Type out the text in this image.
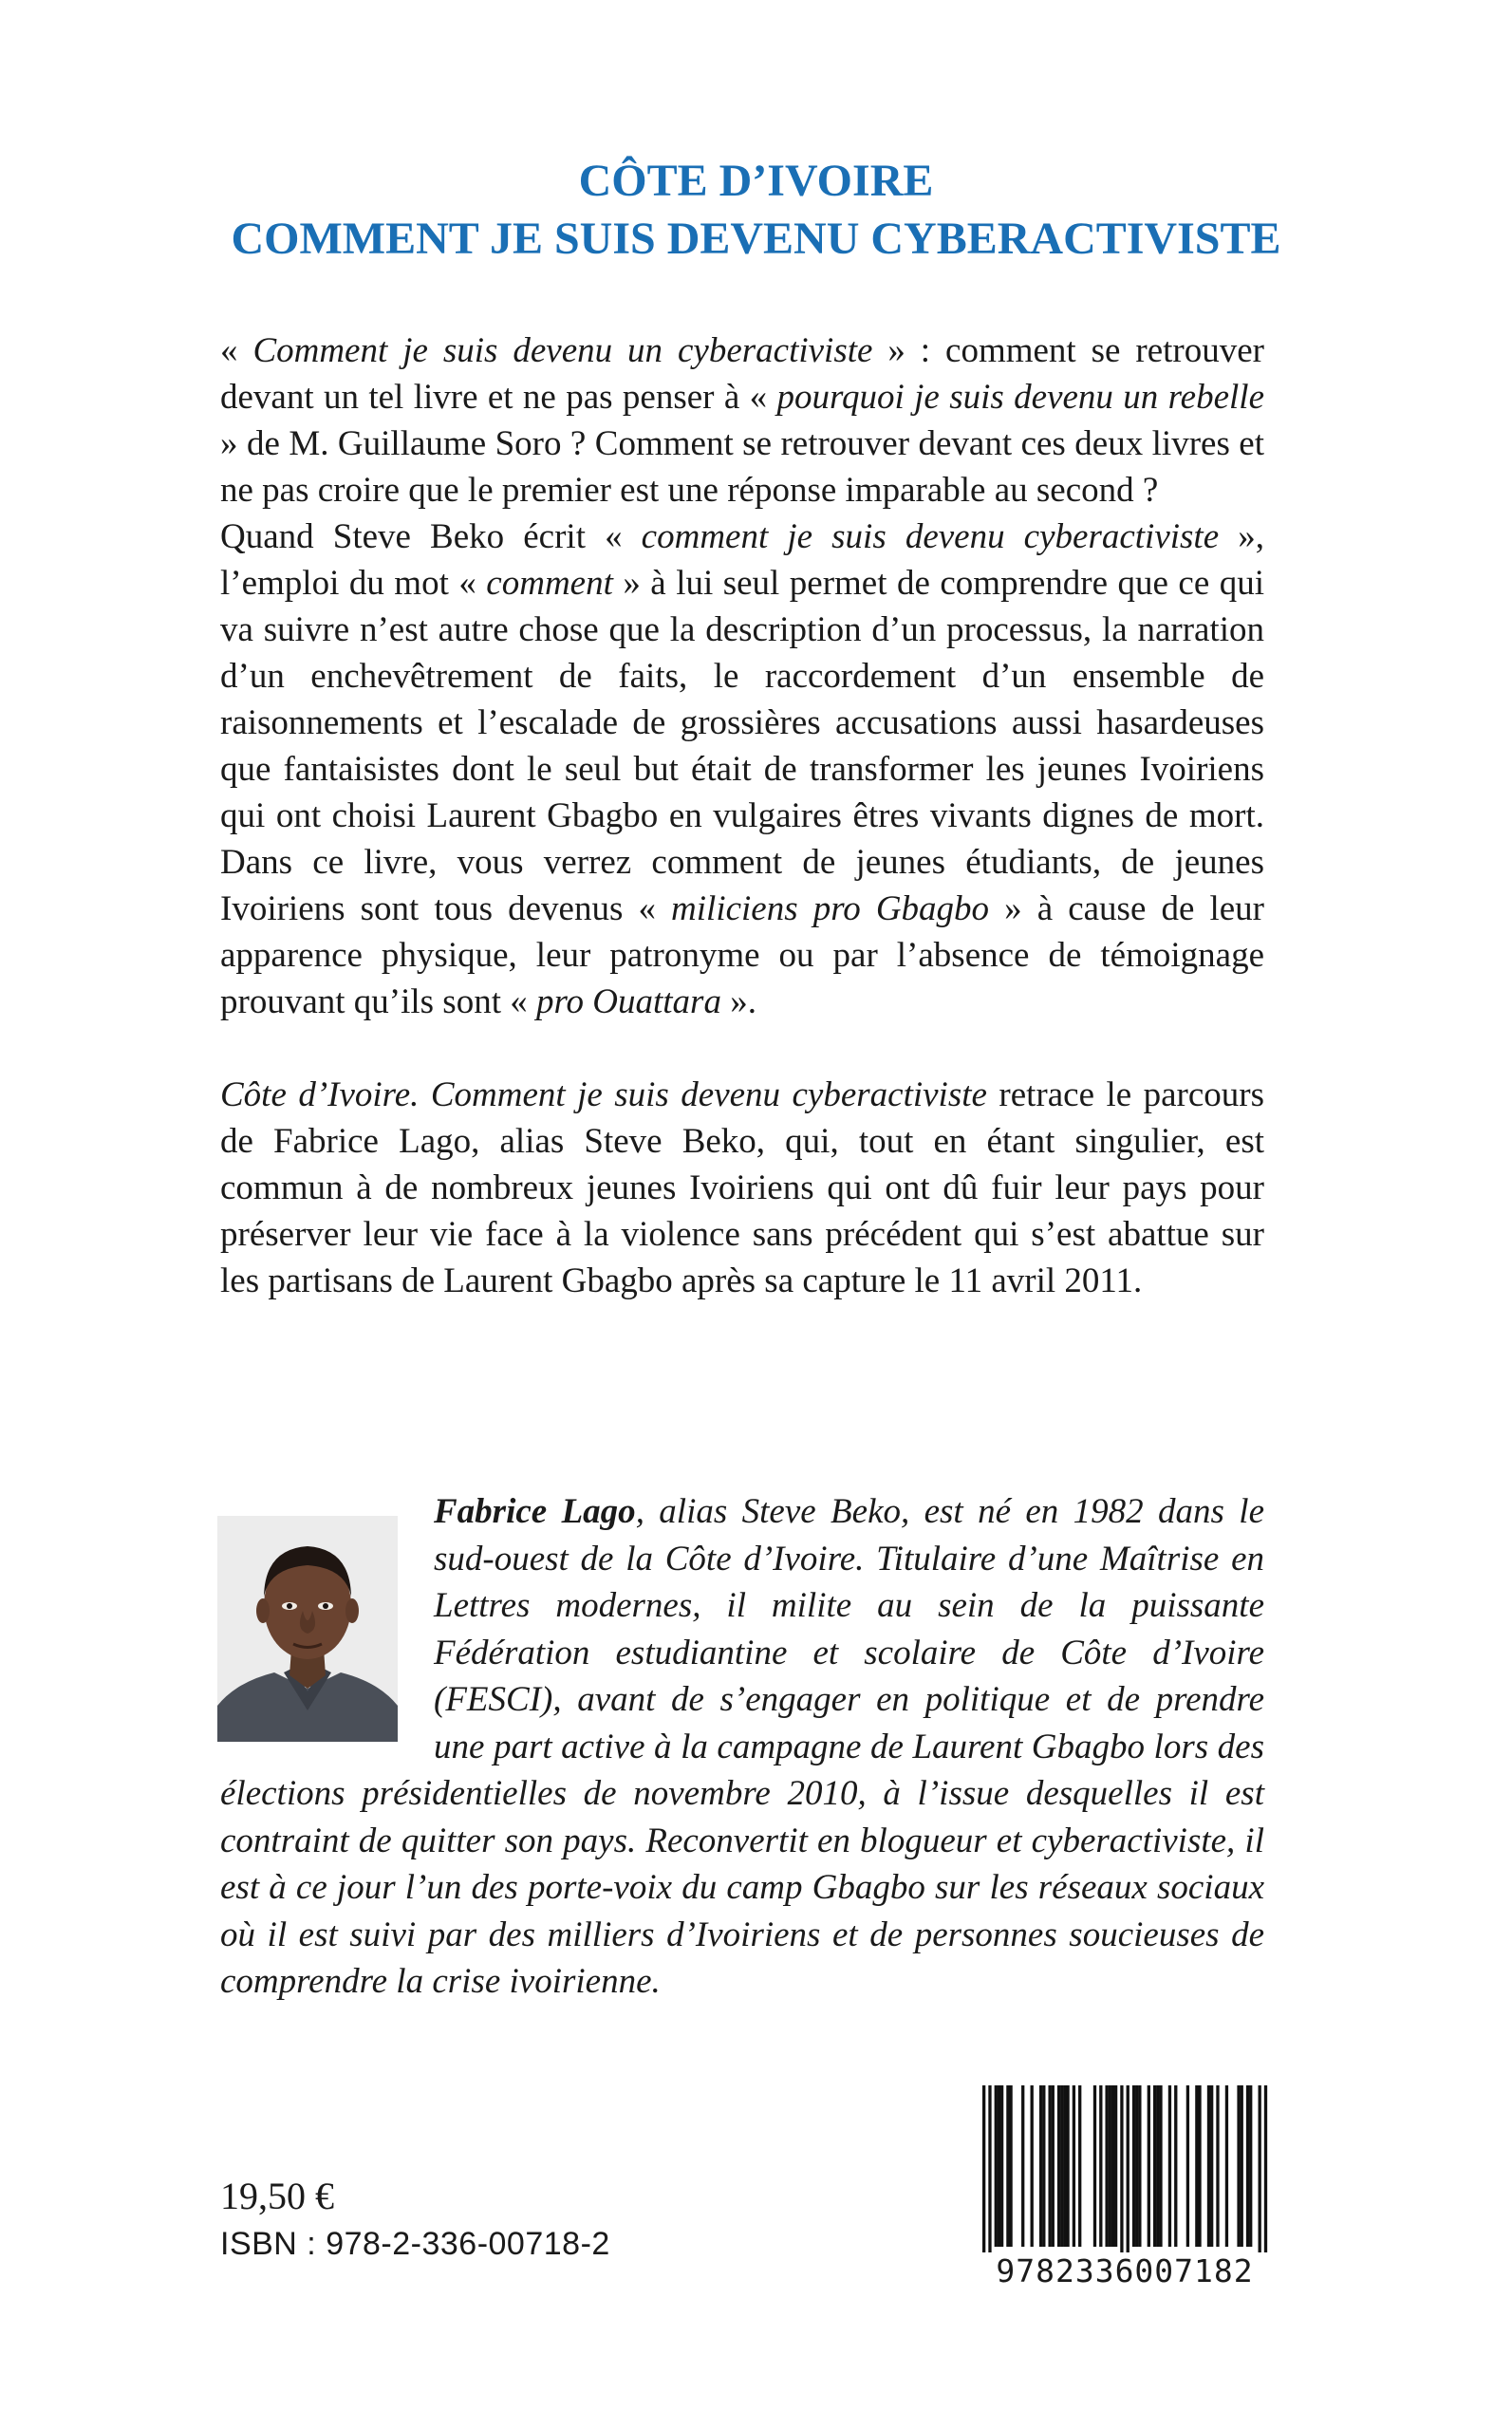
CÔTE D’IVOIRE
COMMENT JE SUIS DEVENU CYBERACTIVISTE

« Comment je suis devenu un cyberactiviste » : comment se retrouver devant un tel livre et ne pas penser à « pourquoi je suis devenu un rebelle » de M. Guillaume Soro ? Comment se retrouver devant ces deux livres et ne pas croire que le premier est une réponse imparable au second ?

Quand Steve Beko écrit « comment je suis devenu cyberactiviste », l’emploi du mot « comment » à lui seul permet de comprendre que ce qui va suivre n’est autre chose que la description d’un processus, la narration d’un enchevêtrement de faits, le raccordement d’un ensemble de raisonnements et l’escalade de grossières accusations aussi hasardeuses que fantaisistes dont le seul but était de transformer les jeunes Ivoiriens qui ont choisi Laurent Gbagbo en vulgaires êtres vivants dignes de mort. Dans ce livre, vous verrez comment de jeunes étudiants, de jeunes Ivoiriens sont tous devenus « miliciens pro Gbagbo » à cause de leur apparence physique, leur patronyme ou par l’absence de témoignage prouvant qu’ils sont « pro Ouattara ».

Côte d’Ivoire. Comment je suis devenu cyberactiviste retrace le parcours de Fabrice Lago, alias Steve Beko, qui, tout en étant singulier, est commun à de nombreux jeunes Ivoiriens qui ont dû fuir leur pays pour préserver leur vie face à la violence sans précédent qui s’est abattue sur les partisans de Laurent Gbagbo après sa capture le 11 avril 2011.

Fabrice Lago, alias Steve Beko, est né en 1982 dans le sud-ouest de la Côte d’Ivoire. Titulaire d’une Maîtrise en Lettres modernes, il milite au sein de la puissante Fédération estudiantine et scolaire de Côte d’Ivoire (FESCI), avant de s’engager en politique et de prendre une part active à la campagne de Laurent Gbagbo lors des élections présidentielles de novembre 2010, à l’issue desquelles il est contraint de quitter son pays. Reconvertit en blogueur et cyberactiviste, il est à ce jour l’un des porte-voix du camp Gbagbo sur les réseaux sociaux où il est suivi par des milliers d’Ivoiriens et de personnes soucieuses de comprendre la crise ivoirienne.
19,50 €
ISBN : 978-2-336-00718-2
9782336007182
